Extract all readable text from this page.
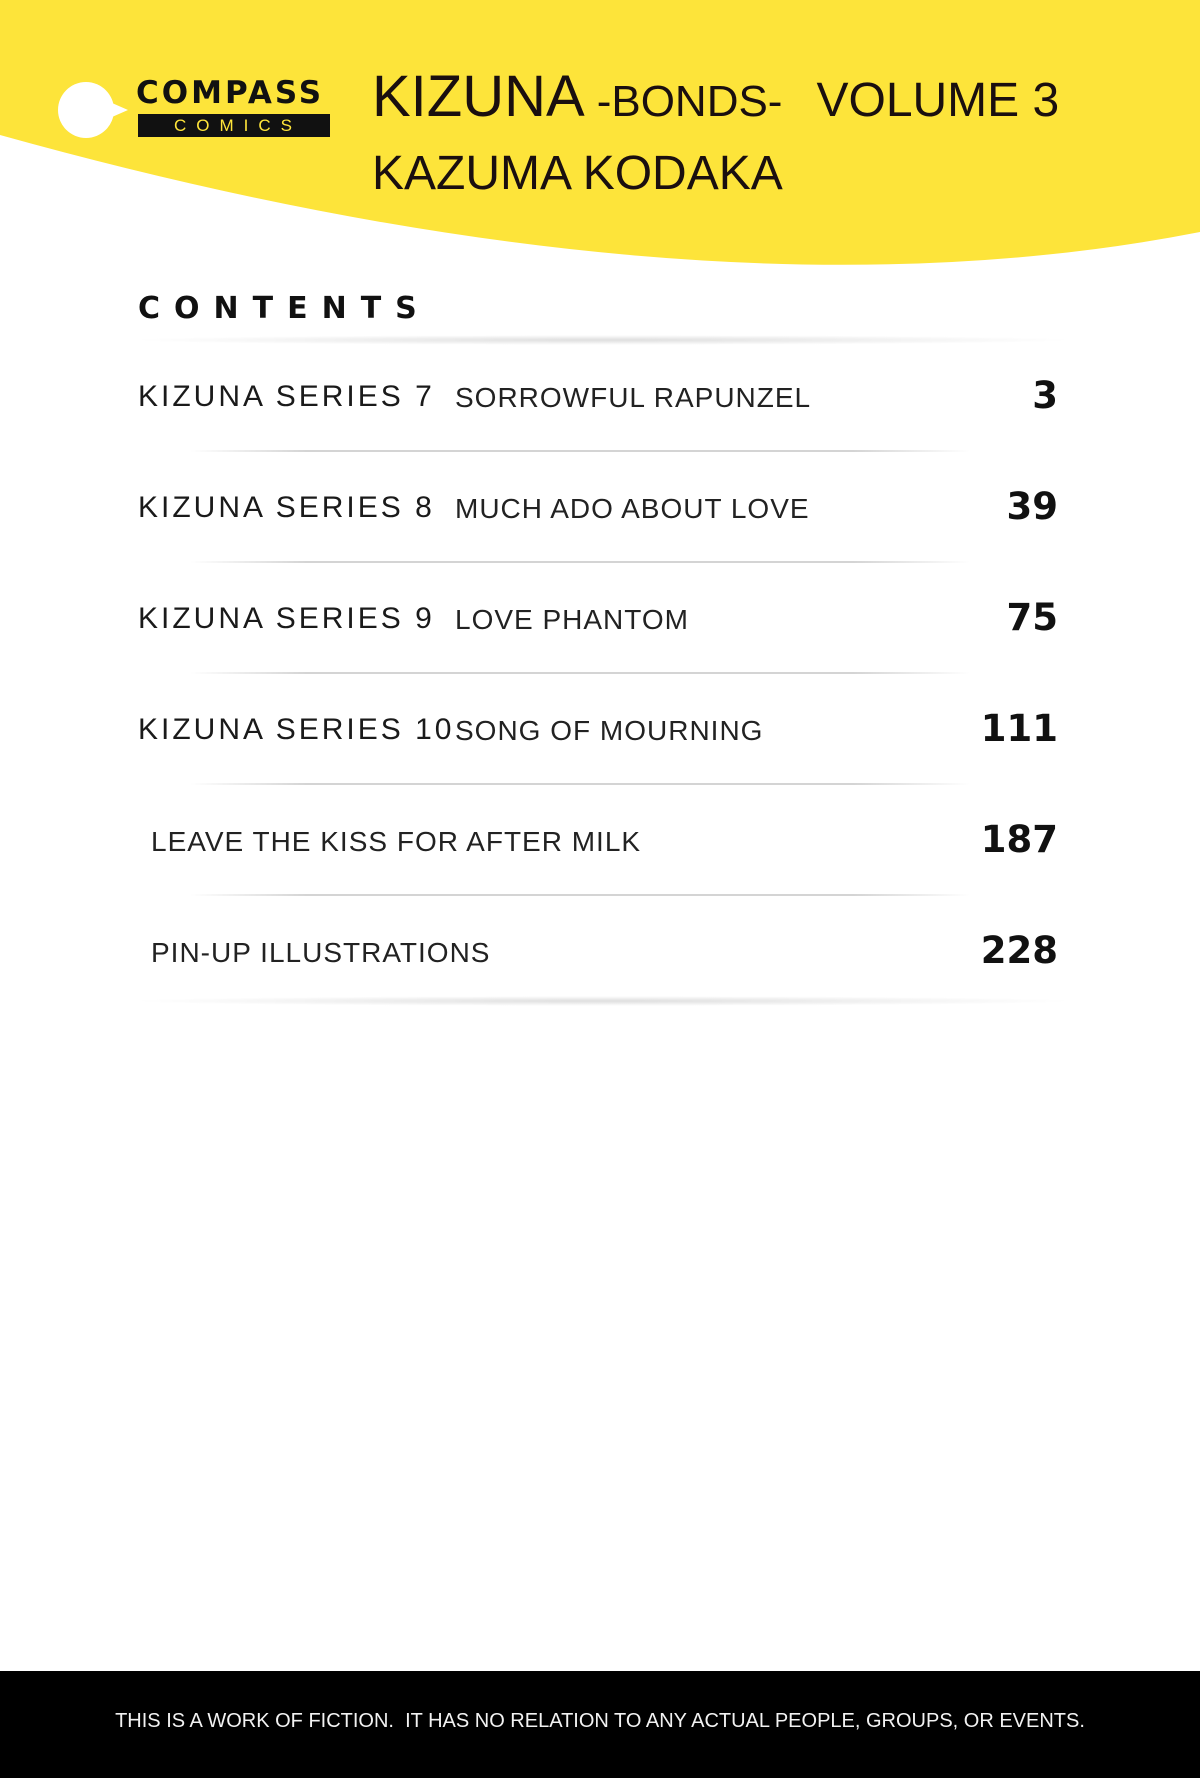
COMPASS
COMICS	KIZUNA -BONDS- VOLUME 3
KAZUMA KODAKA
CONTENTS
KIZUNA SERIES 7 SORROWFUL RAPUNZEL	3
KIZUNA SERIES 8 MUCH ADO ABOUT LOVE	39
KIZUNA SERIES 9 LOVE PHANTOM	75
KIZUNA SERIES 10 SONG OF MOURNING	111
LEAVE THE KISS FOR AFTER MILK	187
PIN-UP ILLUSTRATIONS	228
THIS IS A WORK OF FICTION.  IT HAS NO RELATION TO ANY ACTUAL PEOPLE, GROUPS, OR EVENTS.
